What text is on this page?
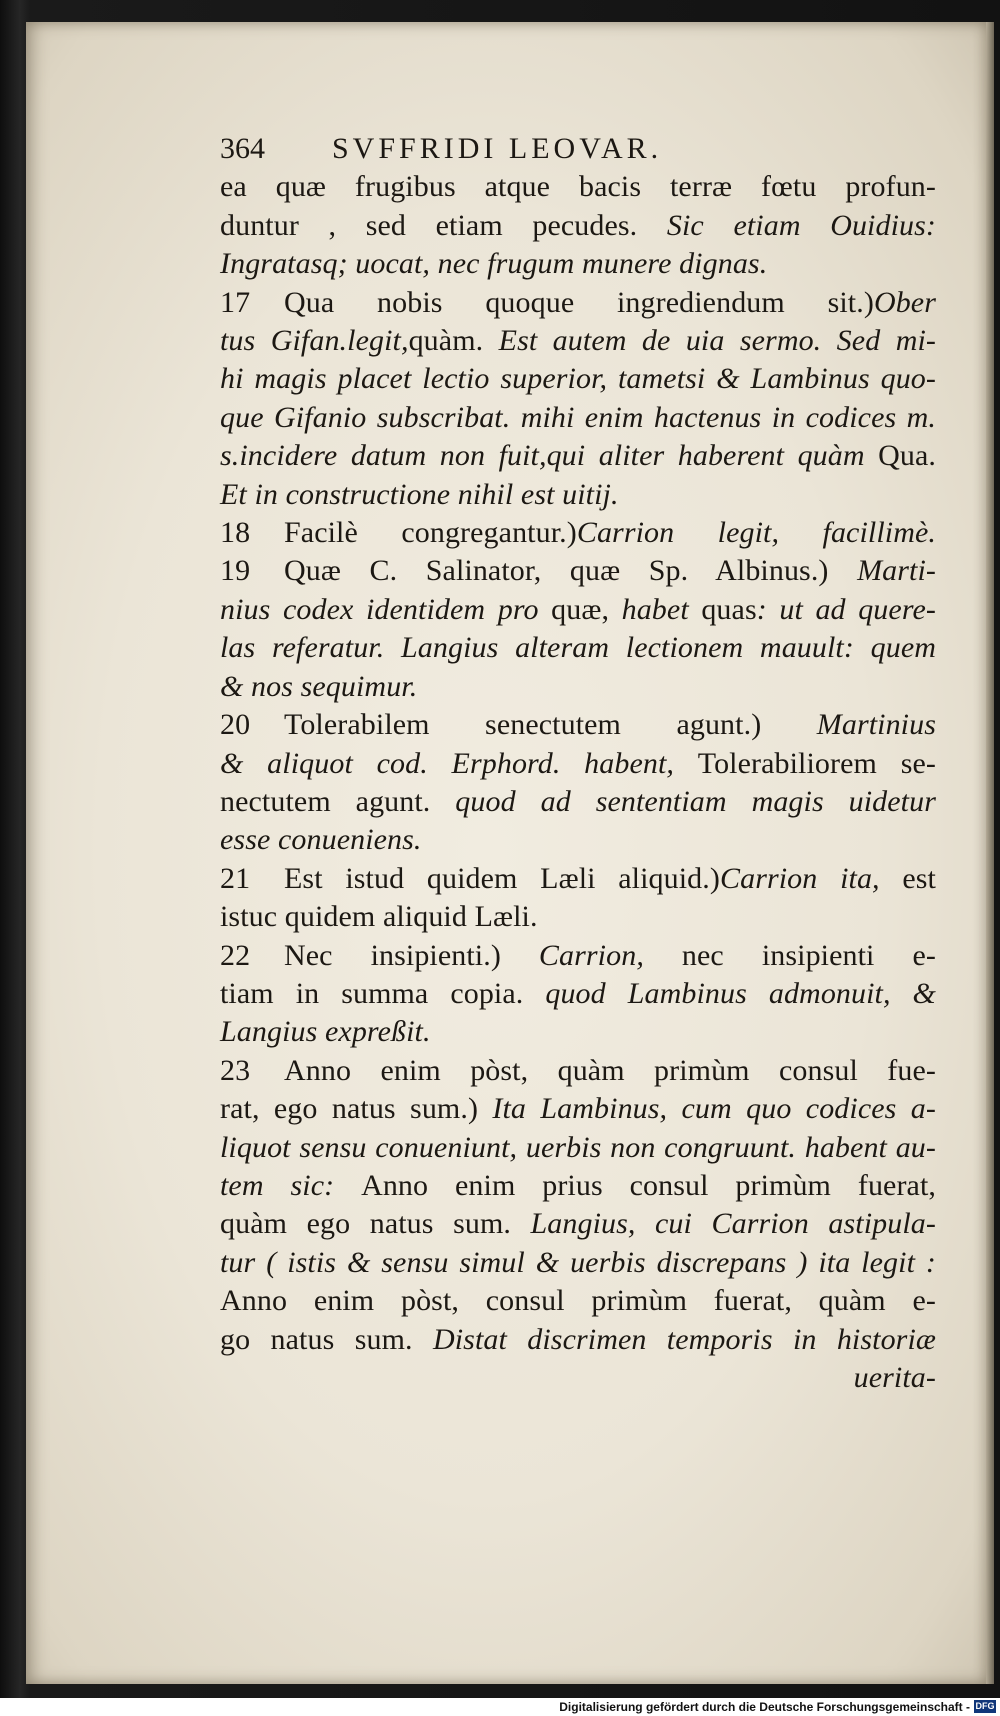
364 SVFFRIDI LEOVAR.
ea quæ frugibus atque bacis terræ fœtu profun-
duntur , sed etiam pecudes. Sic etiam Ouidius:
Ingratasq; uocat, nec frugum munere dignas.
17 Qua nobis quoque ingrediendum sit.)Ober
tus Gifan.legit,quàm. Est autem de uia sermo. Sed mi-
hi magis placet lectio superior, tametsi & Lambinus quo-
que Gifanio subscribat. mihi enim hactenus in codices m.
s.incidere datum non fuit,qui aliter haberent quàm Qua.
Et in constructione nihil est uitij.
18 Facilè congregantur.)Carrion legit, facillimè.
19 Quæ C. Salinator, quæ Sp. Albinus.) Marti-
nius codex identidem pro quæ, habet quas: ut ad quere-
las referatur. Langius alteram lectionem mauult: quem
& nos sequimur.
20 Tolerabilem senectutem agunt.) Martinius
& aliquot cod. Erphord. habent, Tolerabiliorem se-
nectutem agunt. quod ad sententiam magis uidetur
esse conueniens.
21 Est istud quidem Læli aliquid.)Carrion ita, est
istuc quidem aliquid Læli.
22 Nec insipienti.) Carrion, nec insipienti e-
tiam in summa copia. quod Lambinus admonuit, &
Langius expreßit.
23 Anno enim pòst, quàm primùm consul fue-
rat, ego natus sum.) Ita Lambinus, cum quo codices a-
liquot sensu conueniunt, uerbis non congruunt. habent au-
tem sic: Anno enim prius consul primùm fuerat,
quàm ego natus sum. Langius, cui Carrion astipula-
tur ( istis & sensu simul & uerbis discrepans ) ita legit :
Anno enim pòst, consul primùm fuerat, quàm e-
go natus sum. Distat discrimen temporis in historiæ
uerita-
Digitalisierung gefördert durch die Deutsche Forschungsgemeinschaft - DFG
